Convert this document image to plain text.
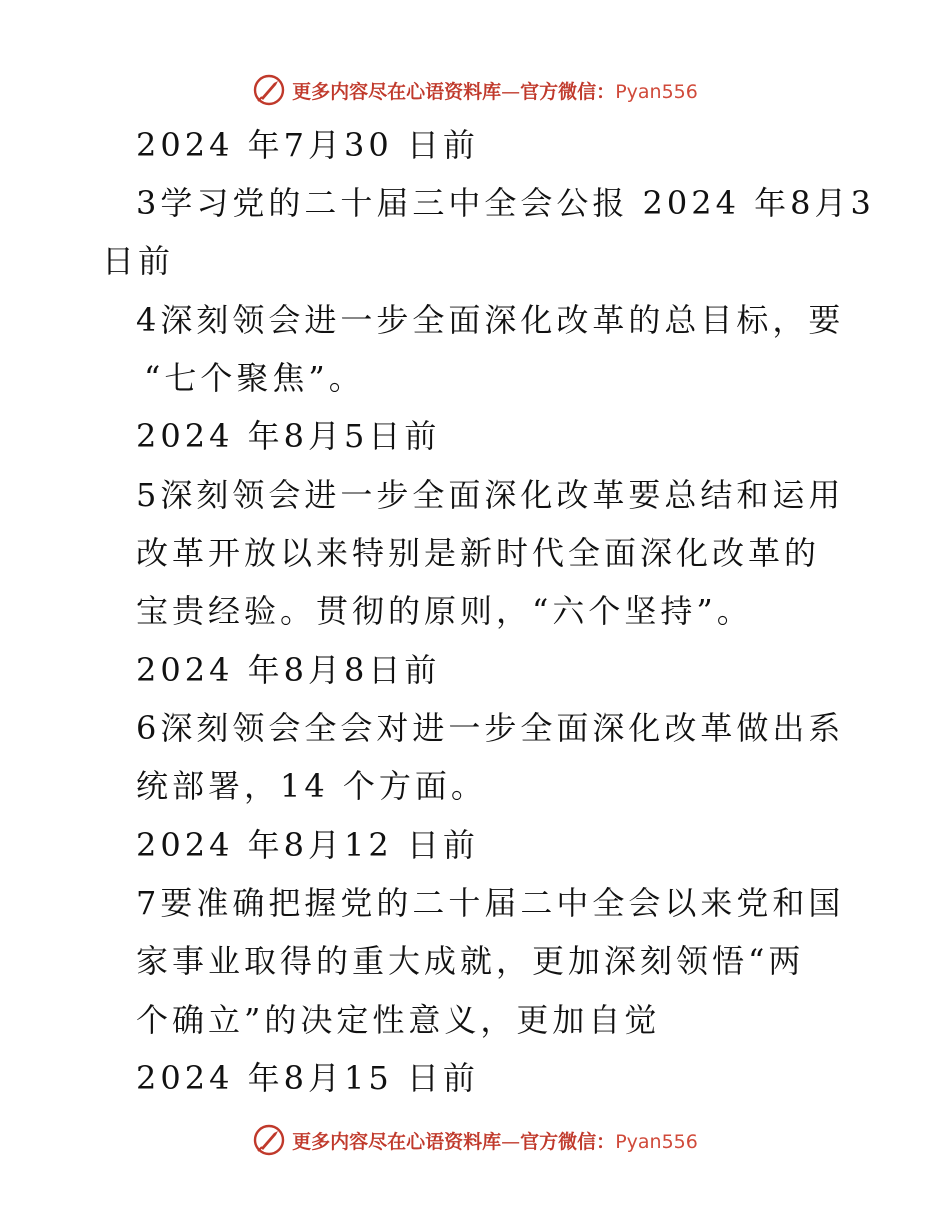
更多内容尽在心语资料库—官方微信：Pyan556
2024 年7月30 日前
3学习党的二十届三中全会公报 2024 年8月3
日前
4深刻领会进一步全面深化改革的总目标，要
“七个聚焦”。
2024 年8月5日前
5深刻领会进一步全面深化改革要总结和运用
改革开放以来特别是新时代全面深化改革的
宝贵经验。贯彻的原则，“六个坚持”。
2024 年8月8日前
6深刻领会全会对进一步全面深化改革做出系
统部署，14 个方面。
2024 年8月12 日前
7要准确把握党的二十届二中全会以来党和国
家事业取得的重大成就，更加深刻领悟“两
个确立”的决定性意义，更加自觉
2024 年8月15 日前
更多内容尽在心语资料库—官方微信：Pyan556
